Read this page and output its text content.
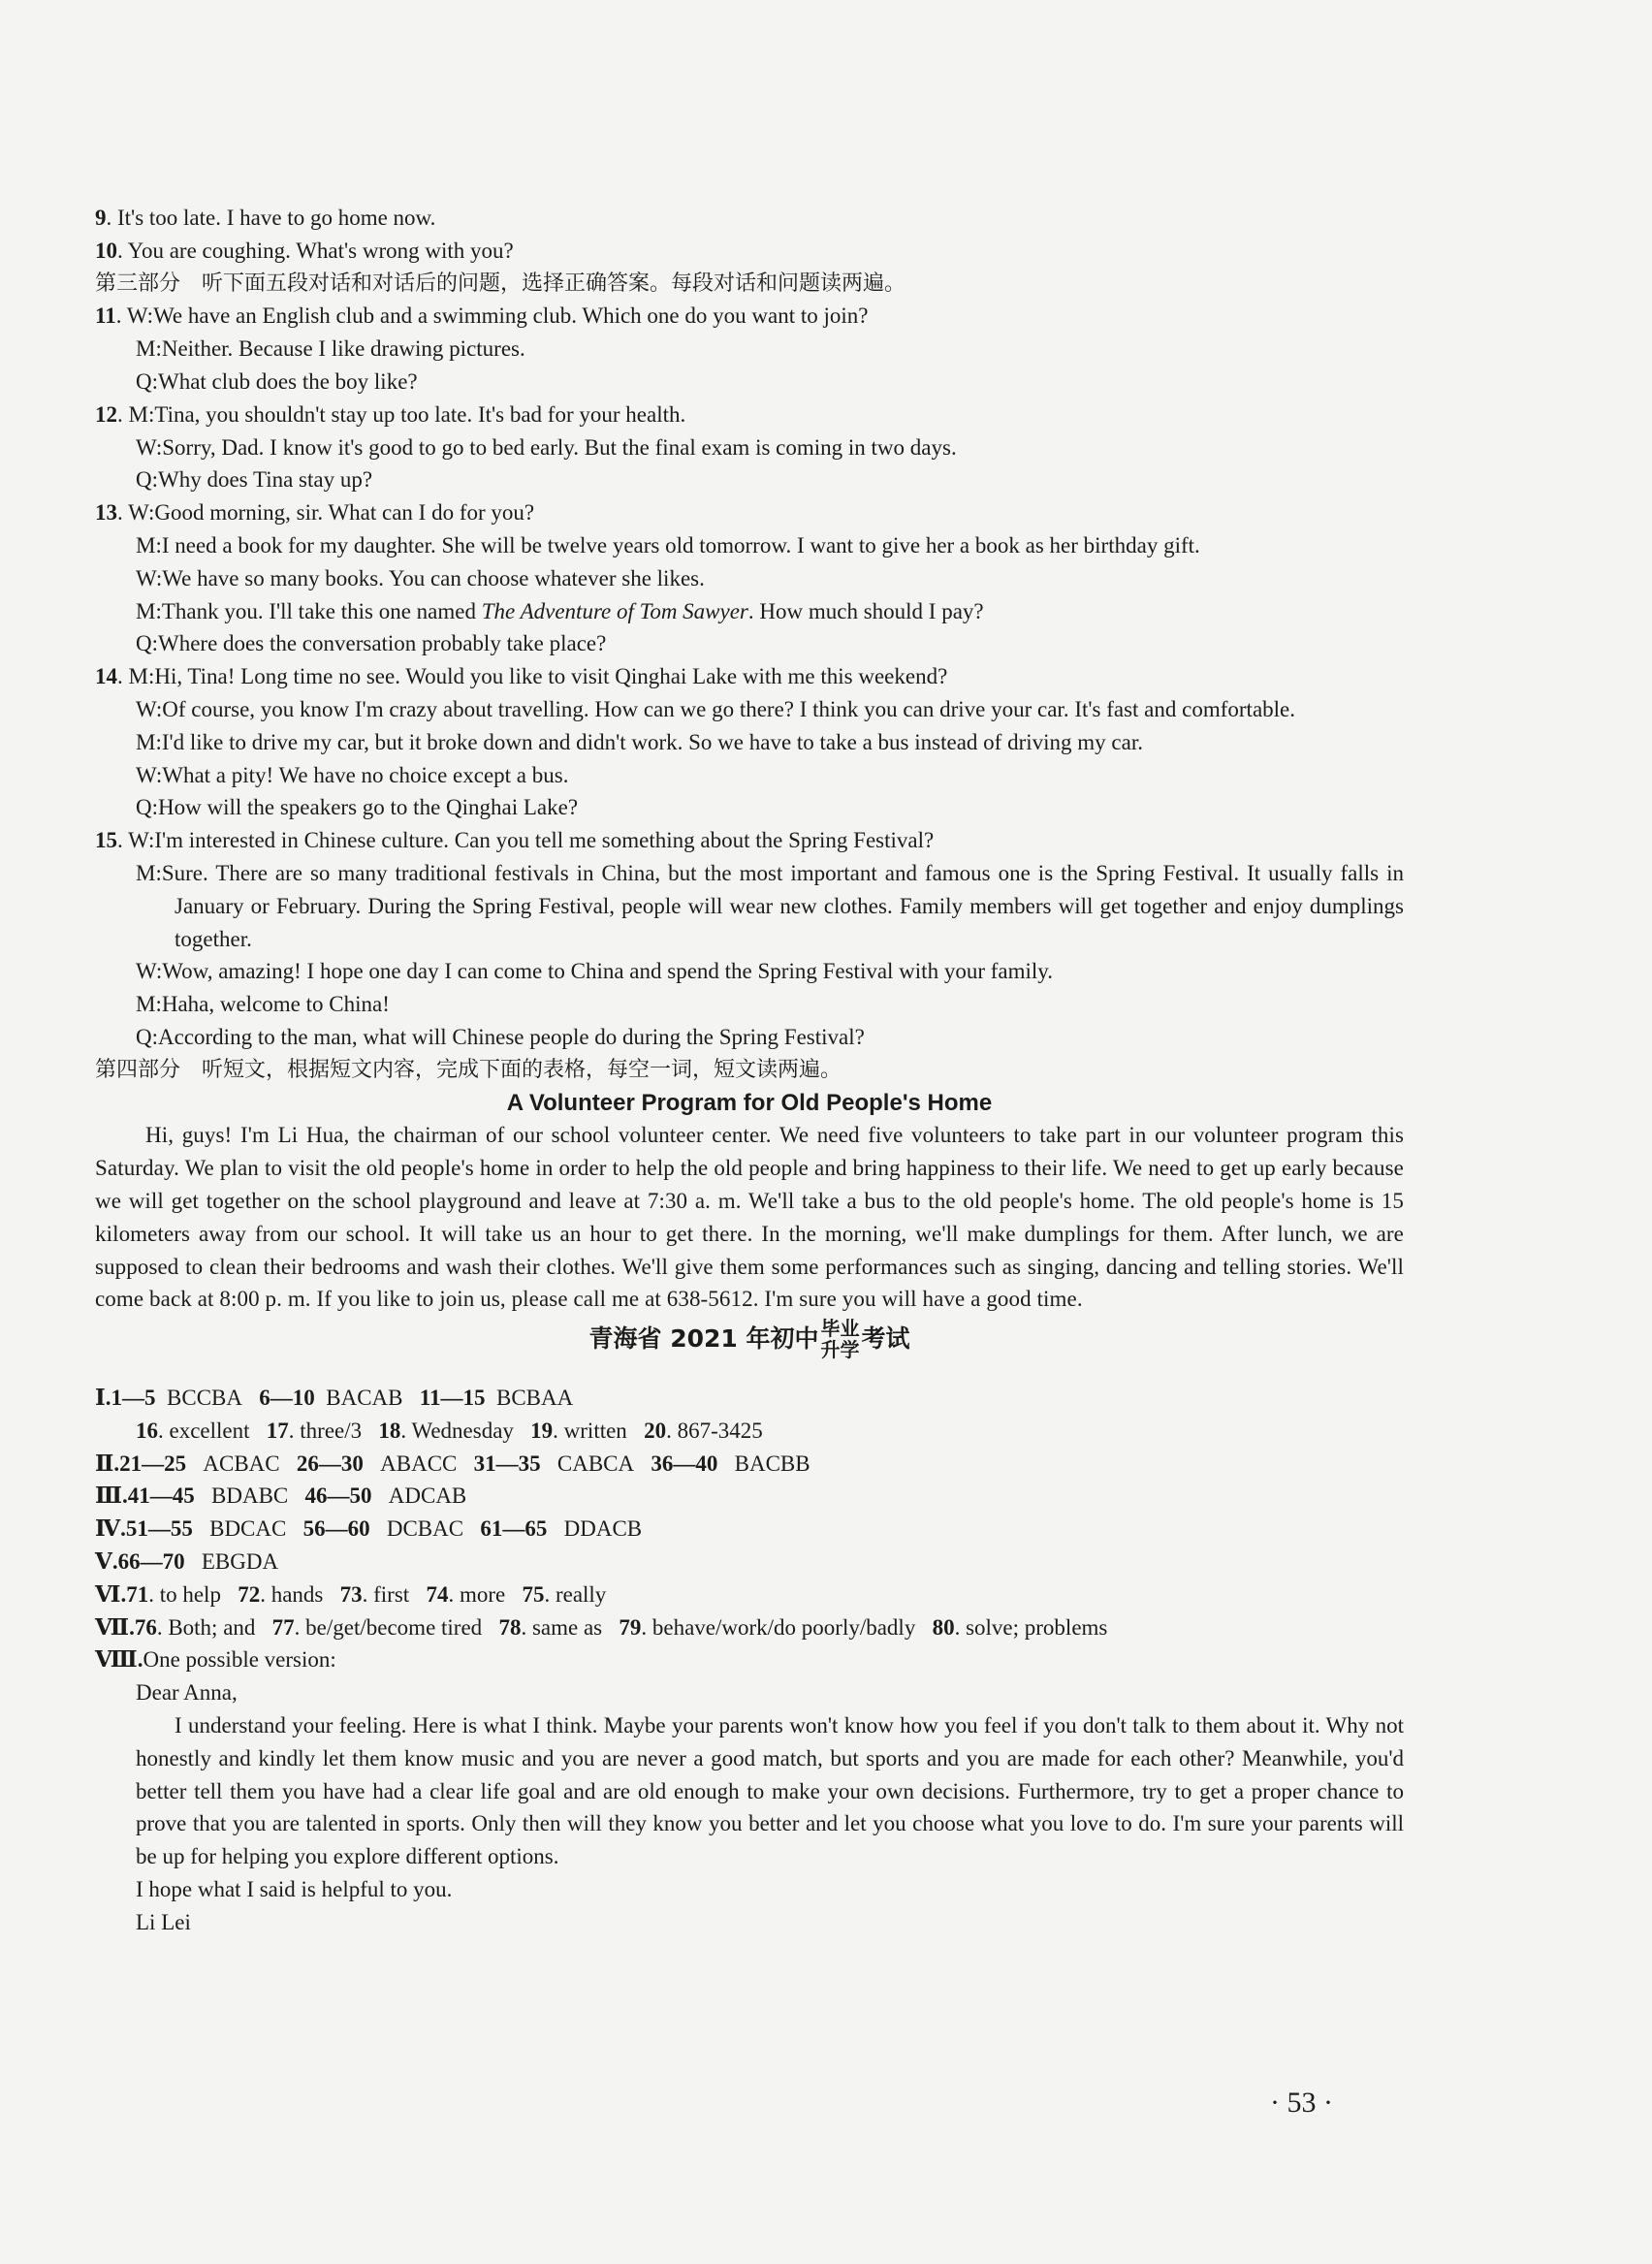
9. It's too late. I have to go home now.
10. You are coughing. What's wrong with you?
第三部分　听下面五段对话和对话后的问题，选择正确答案。每段对话和问题读两遍。
11. W:We have an English club and a swimming club. Which one do you want to join?
M:Neither. Because I like drawing pictures.
Q:What club does the boy like?
12. M:Tina, you shouldn't stay up too late. It's bad for your health.
W:Sorry, Dad. I know it's good to go to bed early. But the final exam is coming in two days.
Q:Why does Tina stay up?
13. W:Good morning, sir. What can I do for you?
M:I need a book for my daughter. She will be twelve years old tomorrow. I want to give her a book as her birthday gift.
W:We have so many books. You can choose whatever she likes.
M:Thank you. I'll take this one named The Adventure of Tom Sawyer. How much should I pay?
Q:Where does the conversation probably take place?
14. M:Hi, Tina! Long time no see. Would you like to visit Qinghai Lake with me this weekend?
W:Of course, you know I'm crazy about travelling. How can we go there? I think you can drive your car. It's fast and comfortable.
M:I'd like to drive my car, but it broke down and didn't work. So we have to take a bus instead of driving my car.
W:What a pity! We have no choice except a bus.
Q:How will the speakers go to the Qinghai Lake?
15. W:I'm interested in Chinese culture. Can you tell me something about the Spring Festival?
M:Sure. There are so many traditional festivals in China, but the most important and famous one is the Spring Festival. It usually falls in January or February. During the Spring Festival, people will wear new clothes. Family members will get together and enjoy dumplings together.
W:Wow, amazing! I hope one day I can come to China and spend the Spring Festival with your family.
M:Haha, welcome to China!
Q:According to the man, what will Chinese people do during the Spring Festival?
第四部分　听短文，根据短文内容，完成下面的表格，每空一词，短文读两遍。
A Volunteer Program for Old People's Home

Hi, guys! I'm Li Hua, the chairman of our school volunteer center. We need five volunteers to take part in our volunteer program this Saturday. We plan to visit the old people's home in order to help the old people and bring happiness to their life. We need to get up early because we will get together on the school playground and leave at 7:30 a. m. We'll take a bus to the old people's home. The old people's home is 15 kilometers away from our school. It will take us an hour to get there. In the morning, we'll make dumplings for them. After lunch, we are supposed to clean their bedrooms and wash their clothes. We'll give them some performances such as singing, dancing and telling stories. We'll come back at 8:00 p. m. If you like to join us, please call me at 638-5612. I'm sure you will have a good time.

青海省 2021 年初中 毕业
升学考试
Ⅰ.1—5 BCCBA 6—10 BACAB 11—15 BCBAA
16. excellent 17. three/3 18. Wednesday 19. written 20. 867-3425
Ⅱ.21—25 ACBAC 26—30 ABACC 31—35 CABCA 36—40 BACBB
Ⅲ.41—45 BDABC 46—50 ADCAB
Ⅳ.51—55 BDCAC 56—60 DCBAC 61—65 DDACB
Ⅴ.66—70 EBGDA
Ⅵ.71. to help 72. hands 73. first 74. more 75. really
Ⅶ.76. Both; and 77. be/get/become tired 78. same as 79. behave/work/do poorly/badly 80. solve; problems
Ⅷ.One possible version:
Dear Anna,

I understand your feeling. Here is what I think. Maybe your parents won't know how you feel if you don't talk to them about it. Why not honestly and kindly let them know music and you are never a good match, but sports and you are made for each other? Meanwhile, you'd better tell them you have had a clear life goal and are old enough to make your own decisions. Furthermore, try to get a proper chance to prove that you are talented in sports. Only then will they know you better and let you choose what you love to do. I'm sure your parents will be up for helping you explore different options.

I hope what I said is helpful to you.
Li Lei
· 53 ·
